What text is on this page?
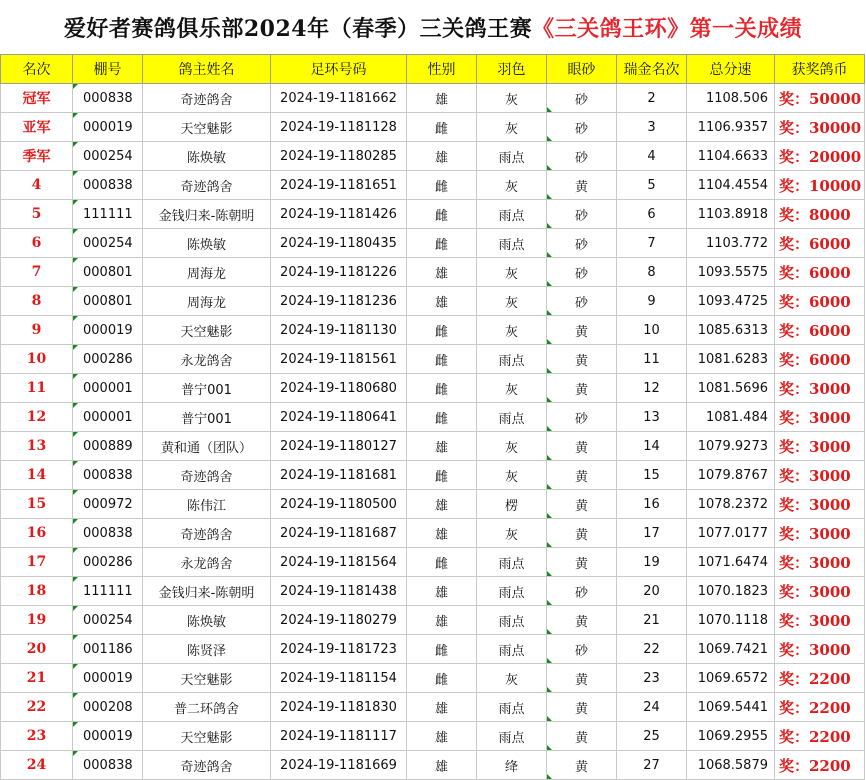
爱好者赛鸽俱乐部2024年（春季）三关鸽王赛 《三关鸽王环》 第一关成绩
名次	棚号	鸽主姓名	足环号码	性别	羽色	眼砂	瑞金名次	总分速	获奖鸽币
冠军	000838	奇迹鸽舍	2024-19-1181662	雄	灰	砂	2	1108.506	奖：50000
亚军	000019	天空魅影	2024-19-1181128	雌	灰	砂	3	1106.9357	奖：30000
季军	000254	陈焕敏	2024-19-1180285	雄	雨点	砂	4	1104.6633	奖：20000
4	000838	奇迹鸽舍	2024-19-1181651	雌	灰	黄	5	1104.4554	奖：10000
5	111111	金钱归来-陈朝明	2024-19-1181426	雌	雨点	砂	6	1103.8918	奖：8000
6	000254	陈焕敏	2024-19-1180435	雌	雨点	砂	7	1103.772	奖：6000
7	000801	周海龙	2024-19-1181226	雄	灰	砂	8	1093.5575	奖：6000
8	000801	周海龙	2024-19-1181236	雄	灰	砂	9	1093.4725	奖：6000
9	000019	天空魅影	2024-19-1181130	雌	灰	黄	10	1085.6313	奖：6000
10	000286	永龙鸽舍	2024-19-1181561	雌	雨点	黄	11	1081.6283	奖：6000
11	000001	普宁001	2024-19-1180680	雌	灰	黄	12	1081.5696	奖：3000
12	000001	普宁001	2024-19-1180641	雌	雨点	砂	13	1081.484	奖：3000
13	000889	黄和通（团队）	2024-19-1180127	雄	灰	黄	14	1079.9273	奖：3000
14	000838	奇迹鸽舍	2024-19-1181681	雌	灰	黄	15	1079.8767	奖：3000
15	000972	陈伟江	2024-19-1180500	雄	楞	黄	16	1078.2372	奖：3000
16	000838	奇迹鸽舍	2024-19-1181687	雄	灰	黄	17	1077.0177	奖：3000
17	000286	永龙鸽舍	2024-19-1181564	雌	雨点	黄	19	1071.6474	奖：3000
18	111111	金钱归来-陈朝明	2024-19-1181438	雄	雨点	砂	20	1070.1823	奖：3000
19	000254	陈焕敏	2024-19-1180279	雄	雨点	黄	21	1070.1118	奖：3000
20	001186	陈贤泽	2024-19-1181723	雌	雨点	砂	22	1069.7421	奖：3000
21	000019	天空魅影	2024-19-1181154	雌	灰	黄	23	1069.6572	奖：2200
22	000208	普二环鸽舍	2024-19-1181830	雄	雨点	黄	24	1069.5441	奖：2200
23	000019	天空魅影	2024-19-1181117	雄	雨点	黄	25	1069.2955	奖：2200
24	000838	奇迹鸽舍	2024-19-1181669	雄	绛	黄	27	1068.5879	奖：2200
